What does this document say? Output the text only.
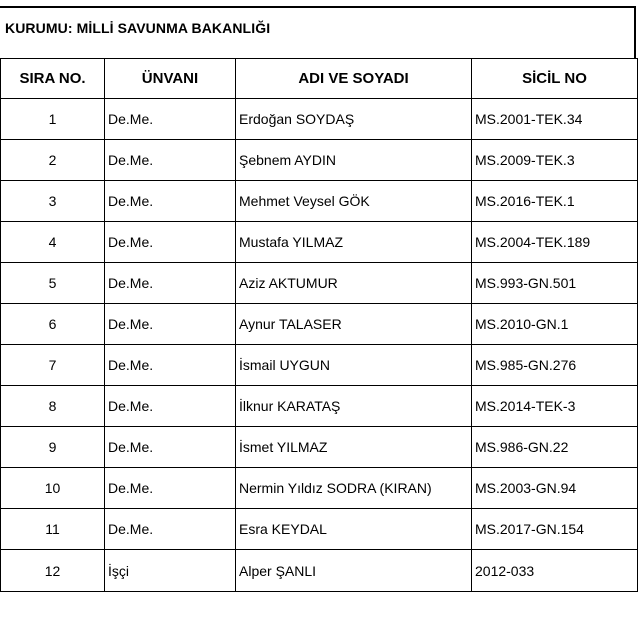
KURUMU: MİLLİ SAVUNMA BAKANLIĞI
SIRA NO.	ÜNVANI	ADI VE SOYADI	SİCİL NO
1	De.Me.	Erdoğan SOYDAŞ	MS.2001-TEK.34
2	De.Me.	Şebnem AYDIN	MS.2009-TEK.3
3	De.Me.	Mehmet Veysel GÖK	MS.2016-TEK.1
4	De.Me.	Mustafa YILMAZ	MS.2004-TEK.189
5	De.Me.	Aziz AKTUMUR	MS.993-GN.501
6	De.Me.	Aynur TALASER	MS.2010-GN.1
7	De.Me.	İsmail UYGUN	MS.985-GN.276
8	De.Me.	İlknur KARATAŞ	MS.2014-TEK-3
9	De.Me.	İsmet YILMAZ	MS.986-GN.22
10	De.Me.	Nermin Yıldız SODRA (KIRAN)	MS.2003-GN.94
11	De.Me.	Esra KEYDAL	MS.2017-GN.154
12	İşçi	Alper ŞANLI	2012-033
